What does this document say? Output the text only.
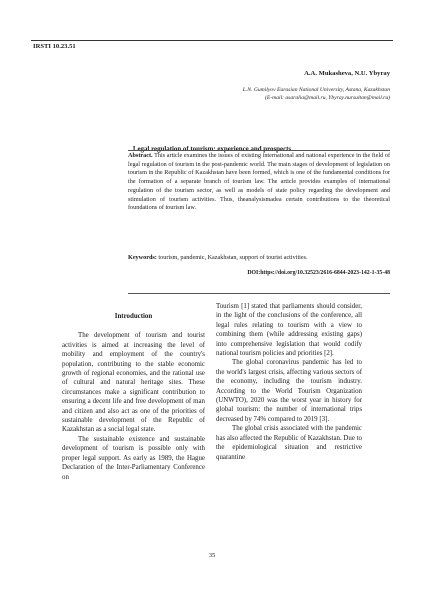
IRSTI 10.23.51
A.A. Mukasheva, N.U. Ybyray
L.N. Gumilyov Eurasian National University, Astana, Kazakhstan
(E-mail: asaralia@mail.ru, Ybyray.nursultan@mail.ru)
Legal regulation of tourism: experience and prospects
Abstract. This article examines the issues of existing international and national experience in the field of legal regulation of tourism in the post-pandemic world. The main stages of development of legislation on tourism in the Republic of Kazakhstan have been formed, which is one of the fundamental conditions for the formation of a separate branch of tourism law. The article provides examples of international regulation of the tourism sector, as well as models of state policy regarding the development and stimulation of tourism activities. Thus, theanalysismadea certain contributions to the theoretical foundations of tourism law.
Keywords: tourism, pandemic, Kazakhstan, support of tourist activities.
DOI:https://doi.org/10.32523/2616-6844-2023-142-1-35-48
Introduction

The development of tourism and tourist activities is aimed at increasing the level of mobility and employment of the country's population, contributing to the stable economic growth of regional economies, and the rational use of cultural and natural heritage sites. These circumstances make a significant contribution to ensuring a decent life and free development of man and citizen and also act as one of the priorities of sustainable development of the Republic of Kazakhstan as a social legal state.

The sustainable existence and sustainable development of tourism is possible only with proper legal support. As early as 1989, the Hague Declaration of the Inter-Parliamentary Conference on

Tourism [1] stated that parliaments should consider, in the light of the conclusions of the conference, all legal rules relating to tourism with a view to combining them (while addressing existing gaps) into comprehensive legislation that would codify national tourism policies and priorities [2].

The global coronavirus pandemic has led to the world's largest crisis, affecting various sectors of the economy, including the tourism industry. According to the World Tourism Organization (UNWTO), 2020 was the worst year in history for global tourism: the number of international trips decreased by 74% compared to 2019 [3].

The global crisis associated with the pandemic has also affected the Republic of Kazakhstan. Due to the epidemiological situation and restrictive quarantine

35
